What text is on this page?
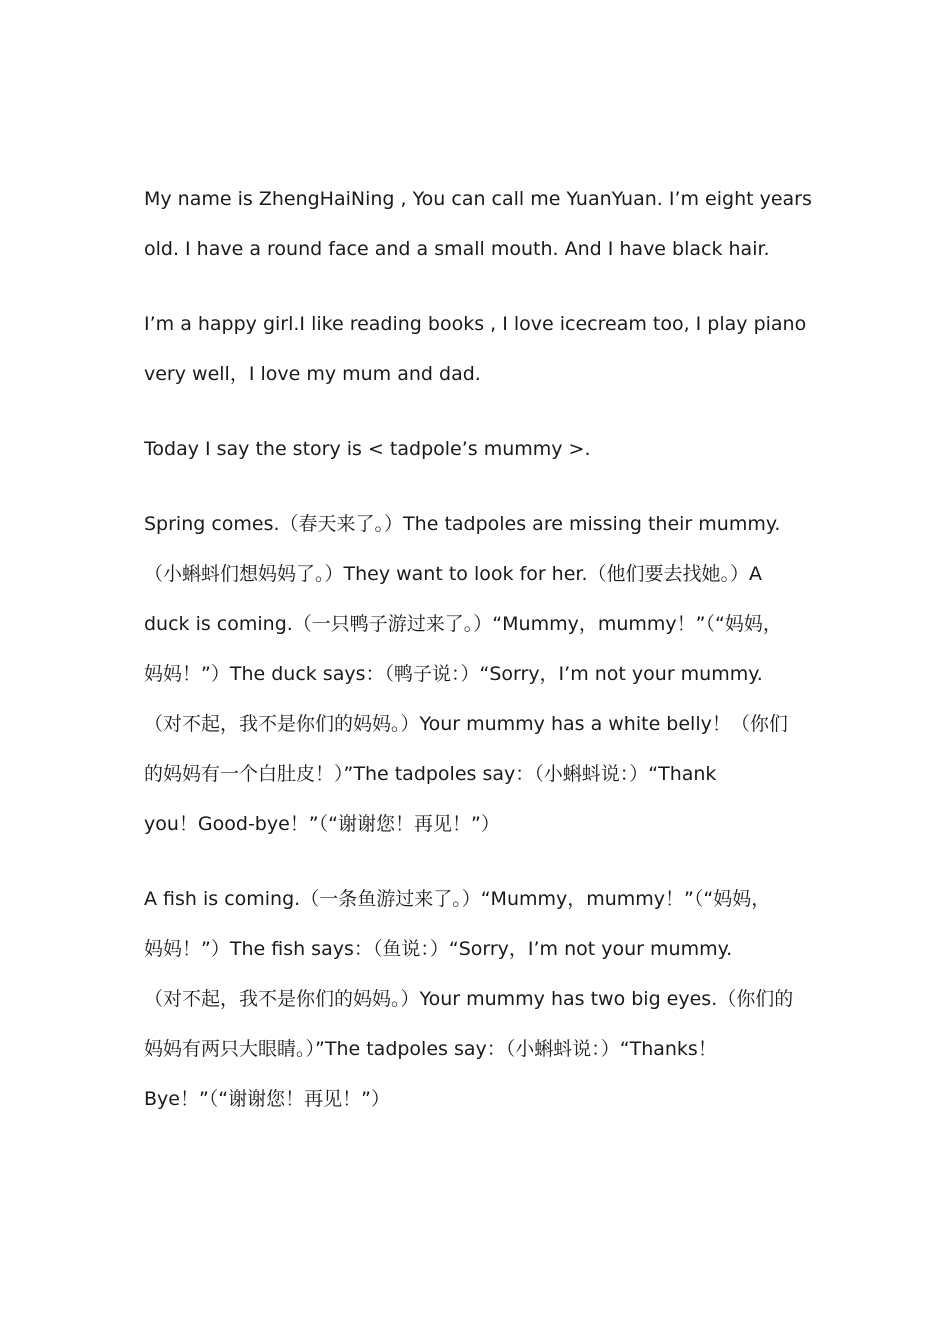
My name is ZhengHaiNing , You can call me YuanYuan. I’m eight years
old. I have a round face and a small mouth. And I have black hair.

I’m a happy girl.I like reading books , I love icecream too, I play piano
very well，I love my mum and dad.

Today I say the story is < tadpole’s mummy >.

Spring comes.（春天来了。）The tadpoles are missing their mummy.
（小蝌蚪们想妈妈了。）They want to look for her.（他们要去找她。）A
duck is coming.（一只鸭子游过来了。）“Mummy，mummy！”（“妈妈，
妈妈！”）The duck says：（鸭子说：）“Sorry，I’m not your mummy.
（对不起，我不是你们的妈妈。）Your mummy has a white belly！（你们
的妈妈有一个白肚皮！）”The tadpoles say：（小蝌蚪说：）“Thank
you！Good-bye！”（“谢谢您！再见！”）

A fish is coming.（一条鱼游过来了。）“Mummy，mummy！”（“妈妈，
妈妈！”）The fish says：（鱼说：）“Sorry，I’m not your mummy.
（对不起，我不是你们的妈妈。）Your mummy has two big eyes.（你们的
妈妈有两只大眼睛。）”The tadpoles say：（小蝌蚪说：）“Thanks！
Bye！”（“谢谢您！再见！”）
